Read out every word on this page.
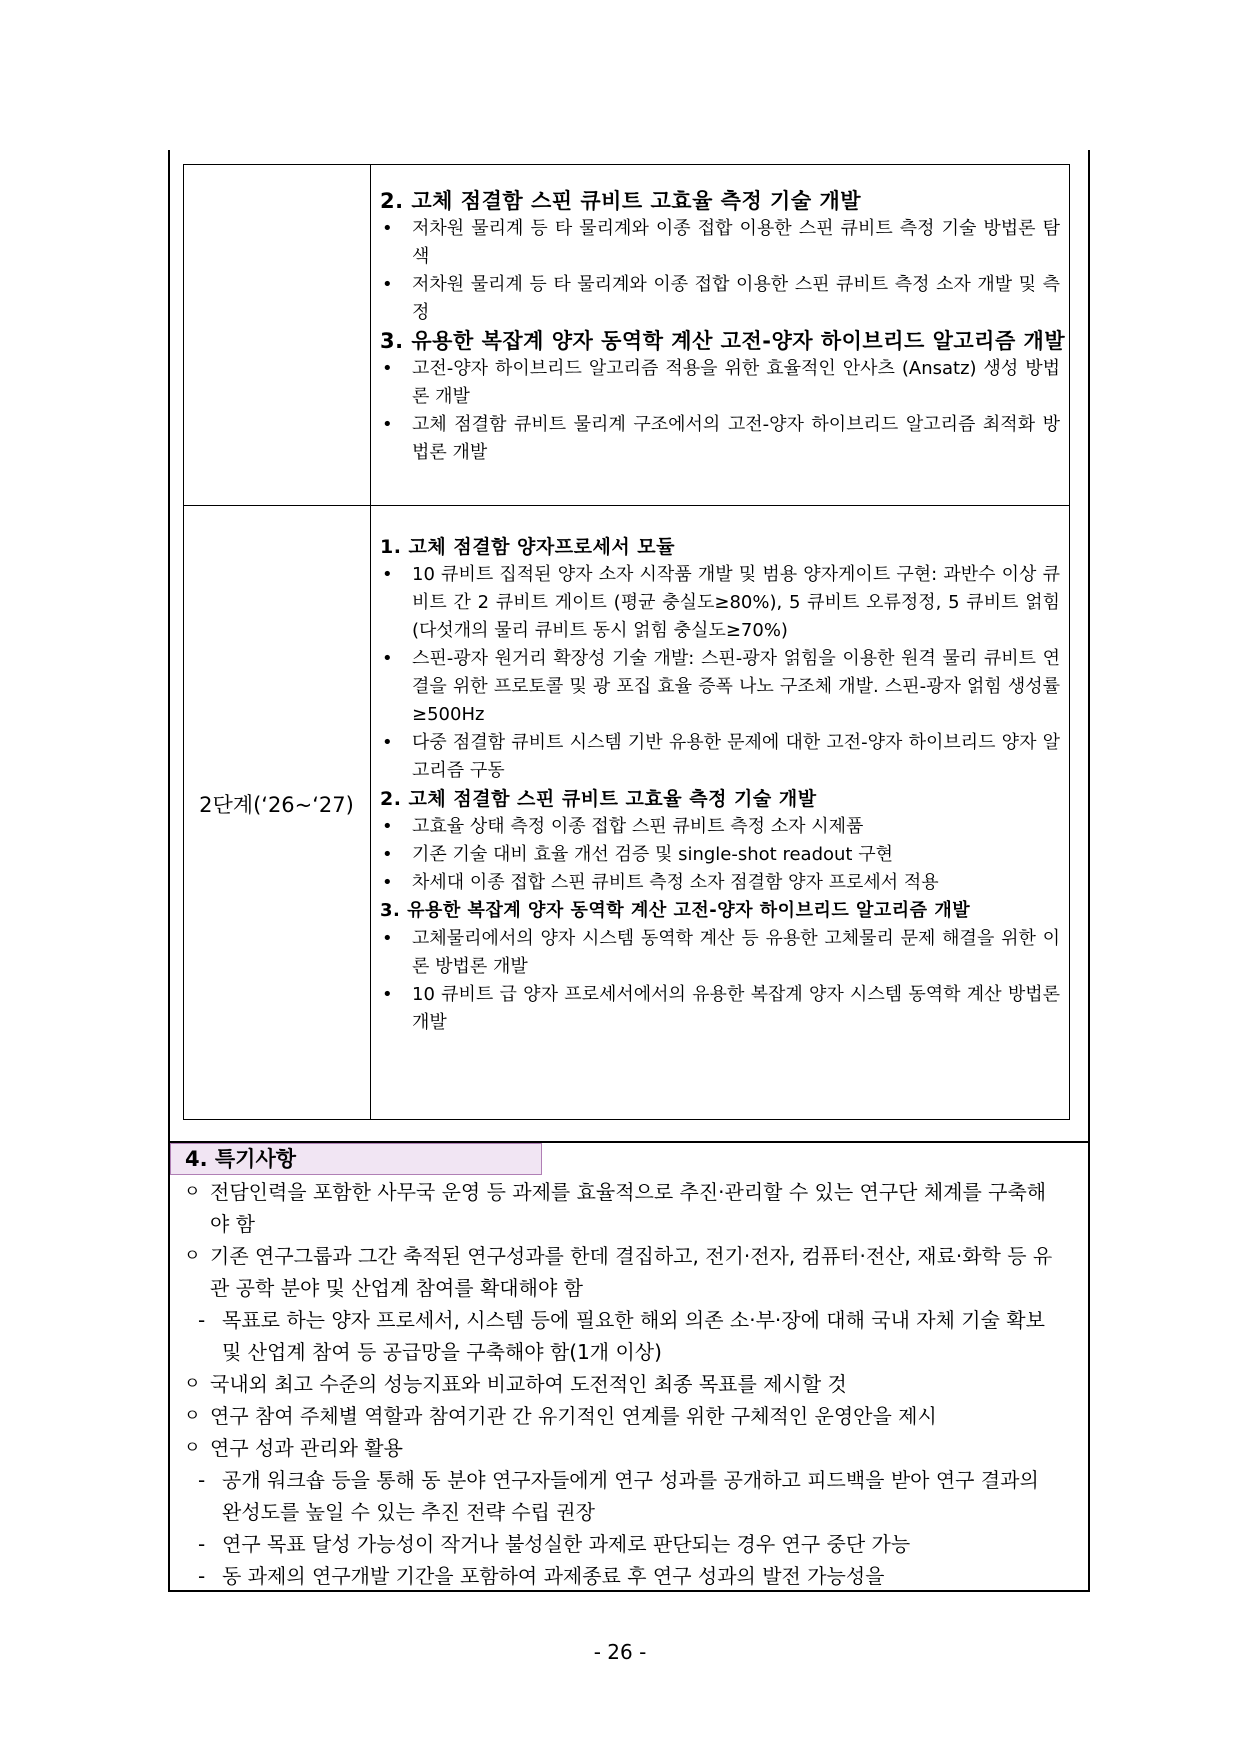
2. 고체 점결함 스핀 큐비트 고효율 측정 기술 개발
• 저차원 물리계 등 타 물리계와 이종 접합 이용한 스핀 큐비트 측정 기술 방법론 탐색
• 저차원 물리계 등 타 물리계와 이종 접합 이용한 스핀 큐비트 측정 소자 개발 및 측정
3. 유용한 복잡계 양자 동역학 계산 고전-양자 하이브리드 알고리즘 개발
• 고전-양자 하이브리드 알고리즘 적용을 위한 효율적인 안사츠 (Ansatz) 생성 방법론 개발
• 고체 점결함 큐비트 물리계 구조에서의 고전-양자 하이브리드 알고리즘 최적화 방법론 개발
2단계(‘26~‘27)
1. 고체 점결함 양자프로세서 모듈
• 10 큐비트 집적된 양자 소자 시작품 개발 및 범용 양자게이트 구현: 과반수 이상 큐비트 간 2 큐비트 게이트 (평균 충실도≥80%), 5 큐비트 오류정정, 5 큐비트 얽힘 (다섯개의 물리 큐비트 동시 얽힘 충실도≥70%)
• 스핀-광자 원거리 확장성 기술 개발: 스핀-광자 얽힘을 이용한 원격 물리 큐비트 연결을 위한 프로토콜 및 광 포집 효율 증폭 나노 구조체 개발. 스핀-광자 얽힘 생성률≥500Hz
• 다중 점결함 큐비트 시스템 기반 유용한 문제에 대한 고전-양자 하이브리드 양자 알고리즘 구동
2. 고체 점결함 스핀 큐비트 고효율 측정 기술 개발
• 고효율 상태 측정 이종 접합 스핀 큐비트 측정 소자 시제품
• 기존 기술 대비 효율 개선 검증 및 single-shot readout 구현
• 차세대 이종 접합 스핀 큐비트 측정 소자 점결함 양자 프로세서 적용
3. 유용한 복잡계 양자 동역학 계산 고전-양자 하이브리드 알고리즘 개발
• 고체물리에서의 양자 시스템 동역학 계산 등 유용한 고체물리 문제 해결을 위한 이론 방법론 개발
• 10 큐비트 급 양자 프로세서에서의 유용한 복잡계 양자 시스템 동역학 계산 방법론 개발
4. 특기사항
ㅇ 전담인력을 포함한 사무국 운영 등 과제를 효율적으로 추진·관리할 수 있는 연구단 체계를 구축해야 함
ㅇ 기존 연구그룹과 그간 축적된 연구성과를 한데 결집하고, 전기·전자, 컴퓨터·전산, 재료·화학 등 유관 공학 분야 및 산업계 참여를 확대해야 함
- 목표로 하는 양자 프로세서, 시스템 등에 필요한 해외 의존 소·부·장에 대해 국내 자체 기술 확보 및 산업계 참여 등 공급망을 구축해야 함(1개 이상)
ㅇ 국내외 최고 수준의 성능지표와 비교하여 도전적인 최종 목표를 제시할 것
ㅇ 연구 참여 주체별 역할과 참여기관 간 유기적인 연계를 위한 구체적인 운영안을 제시
ㅇ 연구 성과 관리와 활용
- 공개 워크숍 등을 통해 동 분야 연구자들에게 연구 성과를 공개하고 피드백을 받아 연구 결과의 완성도를 높일 수 있는 추진 전략 수립 권장
- 연구 목표 달성 가능성이 작거나 불성실한 과제로 판단되는 경우 연구 중단 가능
- 동 과제의 연구개발 기간을 포함하여 과제종료 후 연구 성과의 발전 가능성을
- 26 -
